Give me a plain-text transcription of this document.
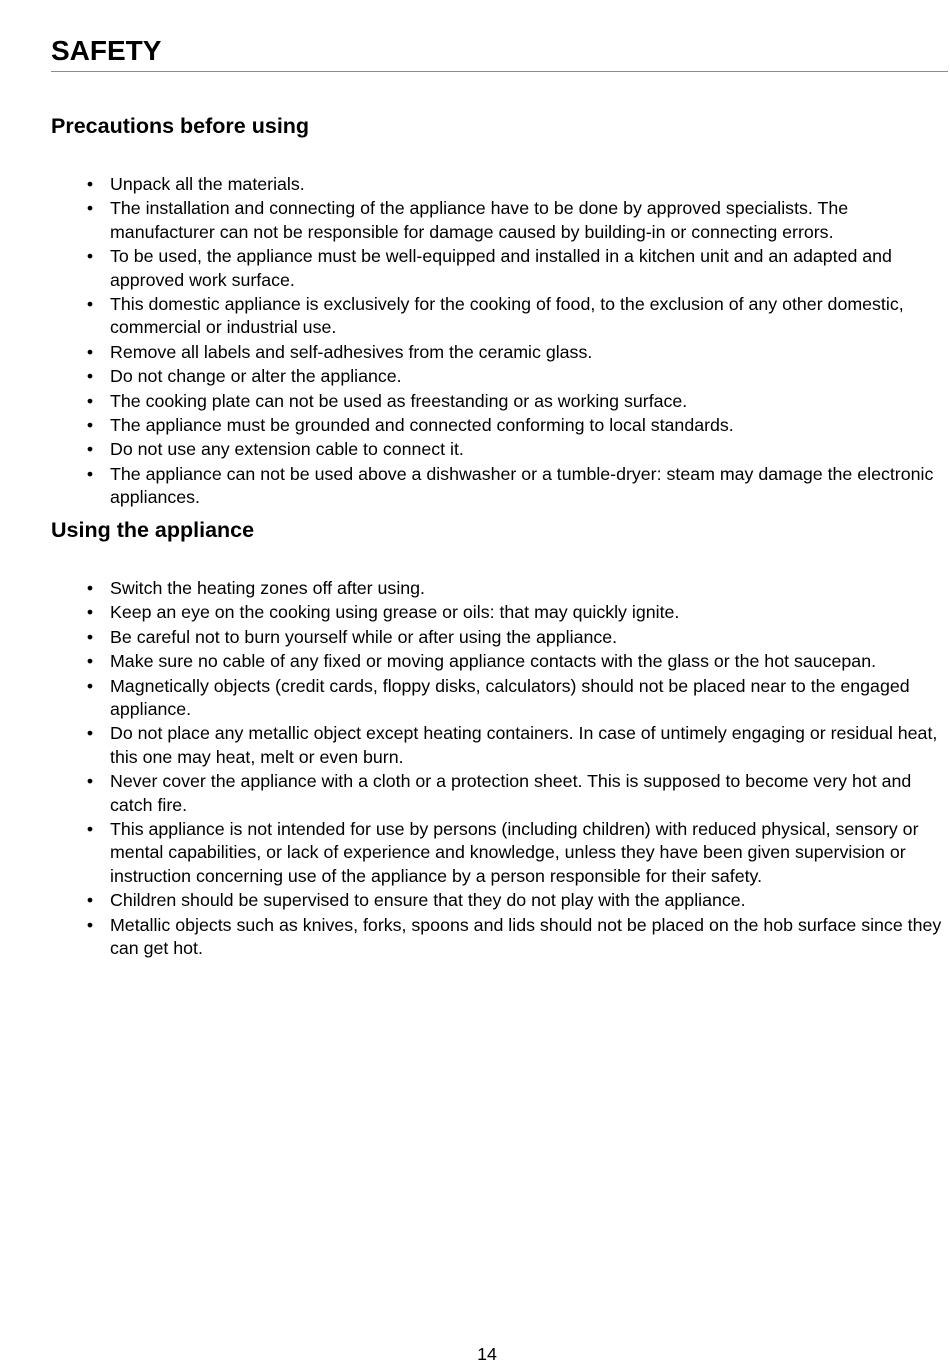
SAFETY
Precautions before using
• Unpack all the materials.
• The installation and connecting of the appliance have to be done by approved specialists. The manufacturer can not be responsible for damage caused by building-in or connecting errors.
• To be used, the appliance must be well-equipped and installed in a kitchen unit and an adapted and approved work surface.
• This domestic appliance is exclusively for the cooking of food, to the exclusion of any other domestic, commercial or industrial use.
• Remove all labels and self-adhesives from the ceramic glass.
• Do not change or alter the appliance.
• The cooking plate can not be used as freestanding or as working surface.
• The appliance must be grounded and connected conforming to local standards.
• Do not use any extension cable to connect it.
• The appliance can not be used above a dishwasher or a tumble-dryer: steam may damage the electronic appliances.
Using the appliance
• Switch the heating zones off after using.
• Keep an eye on the cooking using grease or oils: that may quickly ignite.
• Be careful not to burn yourself while or after using the appliance.
• Make sure no cable of any fixed or moving appliance contacts with the glass or the hot saucepan.
• Magnetically objects (credit cards, floppy disks, calculators) should not be placed near to the engaged appliance.
• Do not place any metallic object except heating containers. In case of untimely engaging or residual heat, this one may heat, melt or even burn.
• Never cover the appliance with a cloth or a protection sheet. This is supposed to become very hot and catch fire.
• This appliance is not intended for use by persons (including children) with reduced physical, sensory or mental capabilities, or lack of experience and knowledge, unless they have been given supervision or instruction concerning use of the appliance by a person responsible for their safety.
• Children should be supervised to ensure that they do not play with the appliance.
• Metallic objects such as knives, forks, spoons and lids should not be placed on the hob surface since they can get hot.
14
